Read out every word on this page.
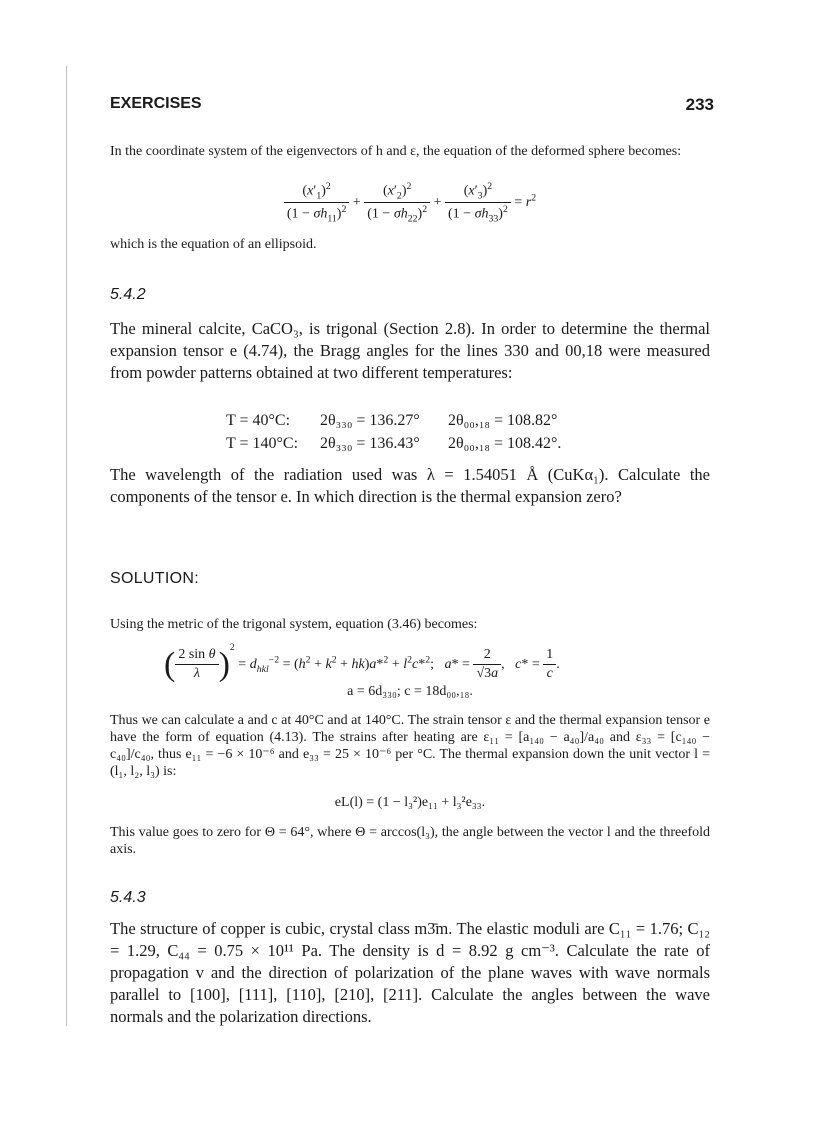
EXERCISES	233
In the coordinate system of the eigenvectors of h and ε, the equation of the deformed sphere becomes:
$\frac{(x'_1)^2}{(1 - \sigma h_{11})^2} + \frac{(x'_2)^2}{(1 - \sigma h_{22})^2} + \frac{(x'_3)^2}{(1 - \sigma h_{33})^2} = r^2$
which is the equation of an ellipsoid.
5.4.2
The mineral calcite, CaCO₃, is trigonal (Section 2.8). In order to determine the thermal expansion tensor e (4.74), the Bragg angles for the lines 330 and 00,18 were measured from powder patterns obtained at two different temperatures:
T = 40°C: 2θ₃₃₀ = 136.27° 2θ₀₀,₁₈ = 108.82°
T = 140°C: 2θ₃₃₀ = 136.43° 2θ₀₀,₁₈ = 108.42°.
The wavelength of the radiation used was λ = 1.54051 Å (CuKα₁). Calculate the components of the tensor e. In which direction is the thermal expansion zero?
SOLUTION:
Using the metric of the trigonal system, equation (3.46) becomes:
( $\frac{\text{2 sin θ}}{\lambda} )^2 = d_{hkl}^{-2} = (h^2 + k^2 + hk)a*^2 + l^2c*^2$;   $a* = \frac{2}{√3a}$ ,   $c* = \frac{1}{c}$ .
a = 6d₃₃₀; c = 18d₀₀,₁₈.
Thus we can calculate a and c at 40°C and at 140°C. The strain tensor ε and the thermal expansion tensor e have the form of equation (4.13). The strains after heating are ε₁₁ = [a₁₄₀ − a₄₀]/a₄₀ and ε₃₃ = [c₁₄₀ − c₄₀]/c₄₀, thus e₁₁ = −6 × 10⁻⁶ and e₃₃ = 25 × 10⁻⁶ per °C. The thermal expansion down the unit vector l = (l₁, l₂, l₃) is:
eL(l) = (1 − l₃²)e₁₁ + l₃²e₃₃.
This value goes to zero for Θ = 64°, where Θ = arccos(l₃), the angle between the vector l and the threefold axis.
5.4.3
The structure of copper is cubic, crystal class m3̄m. The elastic moduli are C₁₁ = 1.76; C₁₂ = 1.29, C₄₄ = 0.75 × 10¹¹ Pa. The density is d = 8.92 g cm⁻³. Calculate the rate of propagation v and the direction of polarization of the plane waves with wave normals parallel to [100], [111], [110], [210], [211]. Calculate the angles between the wave normals and the polarization directions.
